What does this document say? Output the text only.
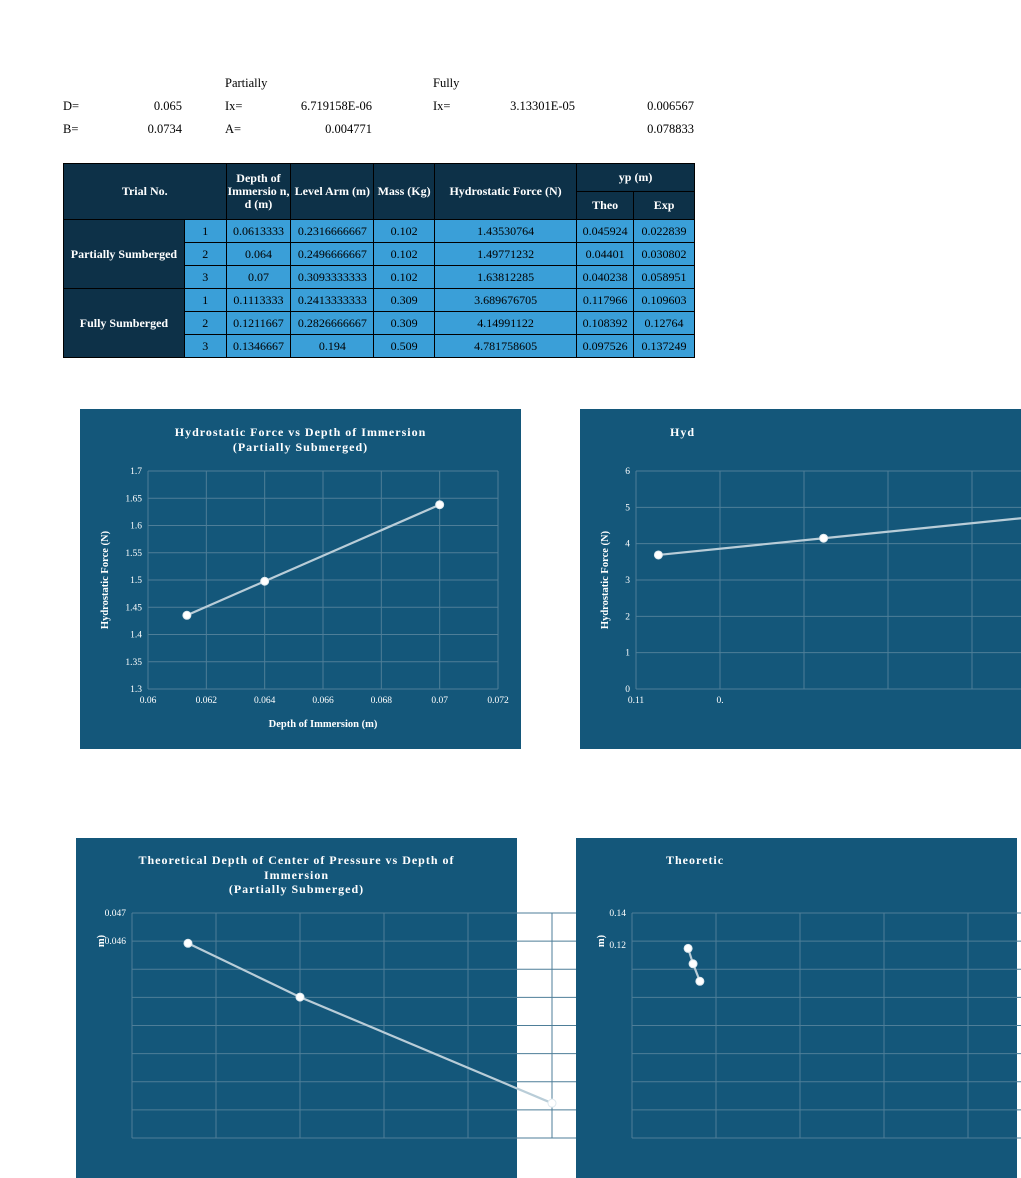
Partially	Fully
D=	0.065	Ix=	6.719158E-06	Ix=	3.13301E-05	0.006567
B=	0.0734	A=	0.004771	0.078833
Trial No.		Depth of Immersio n, d (m)	Level Arm (m)	Mass (Kg)	Hydrostatic Force (N)	yp (m)	
						Theo	Exp
Partially Sumberged	1	0.0613333	0.2316666667	0.102	1.43530764	0.045924	0.022839
	2	0.064	0.2496666667	0.102	1.49771232	0.04401	0.030802
	3	0.07	0.3093333333	0.102	1.63812285	0.040238	0.058951
Fully Sumberged	1	0.1113333	0.2413333333	0.309	3.689676705	0.117966	0.109603
	2	0.1211667	0.2826666667	0.309	4.14991122	0.108392	0.12764
	3	0.1346667	0.194	0.509	4.781758605	0.097526	0.137249
Hydrostatic Force vs Depth of Immersion
(Partially Submerged)
1.3
1.35
1.4
1.45
1.5
1.55
1.6
1.65
1.7
0.06	0.062	0.064	0.066	0.068	0.07	0.072
Depth of Immersion (m)
Hydrostatic Force (N)
Hyd
0
1
2
3
4
5
6
0.11	0.
Hydrostatic Force (N)
Theoretical Depth of Center of Pressure vs Depth of
Immersion
(Partially Submerged)
0.047
0.046
m)
Theoretic
0.14
0.12
m)
